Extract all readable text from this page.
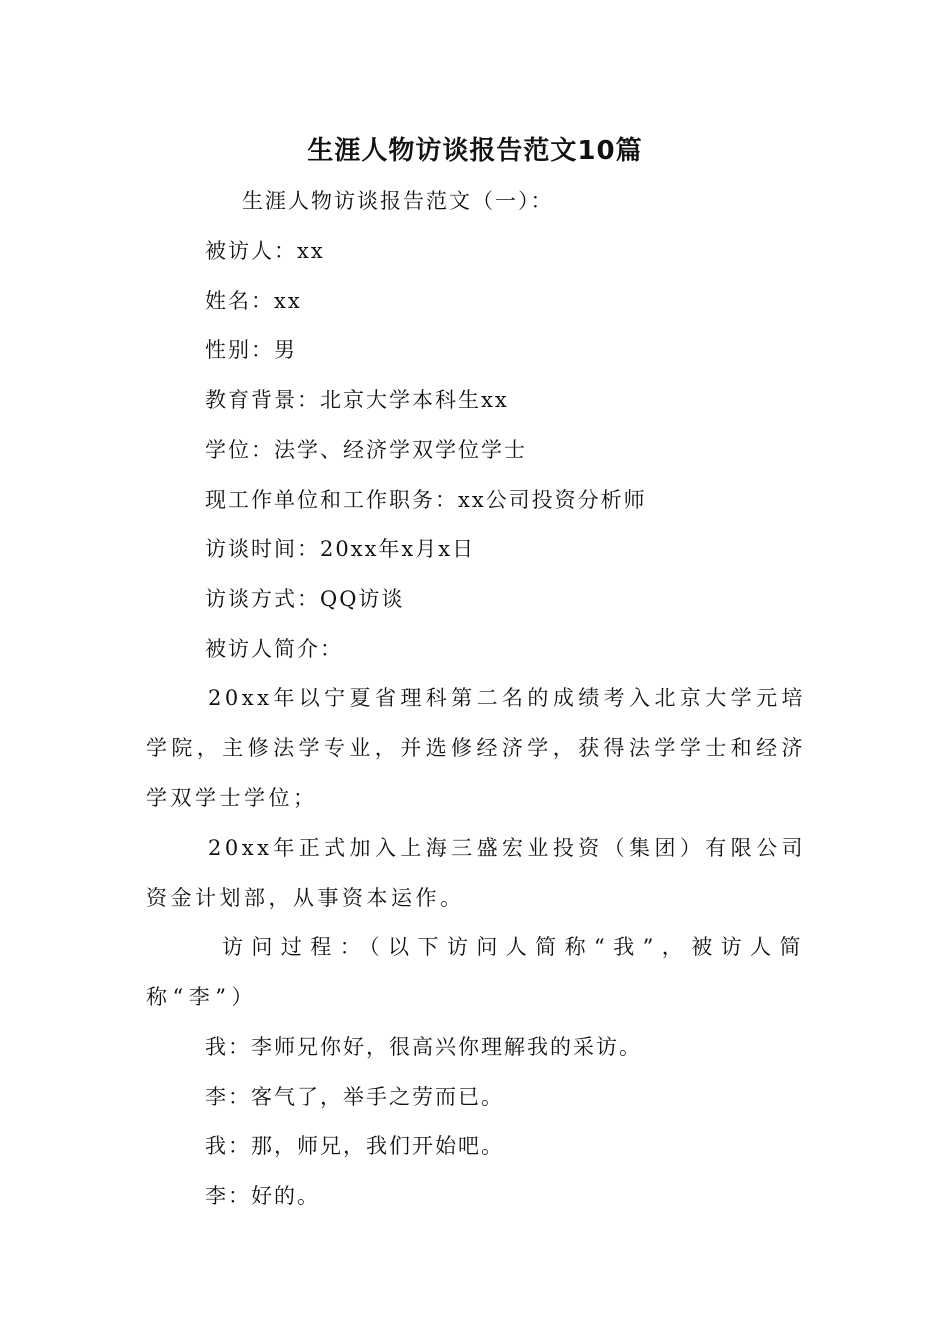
生涯人物访谈报告范文10篇
生涯人物访谈报告范文（一）：
被访人：xx
姓名：xx
性别：男
教育背景：北京大学本科生xx
学位：法学、经济学双学位学士
现工作单位和工作职务：xx公司投资分析师
访谈时间：20xx年x月x日
访谈方式：QQ访谈
被访人简介：
20xx年以宁夏省理科第二名的成绩考入北京大学元培学院，主修法学专业，并选修经济学，获得法学学士和经济学双学士学位；
20xx年正式加入上海三盛宏业投资（集团）有限公司资金计划部，从事资本运作。
访问过程：（以下访问人简称“我”，被访人简称“李”）
我：李师兄你好，很高兴你理解我的采访。
李：客气了，举手之劳而已。
我：那，师兄，我们开始吧。
李：好的。
